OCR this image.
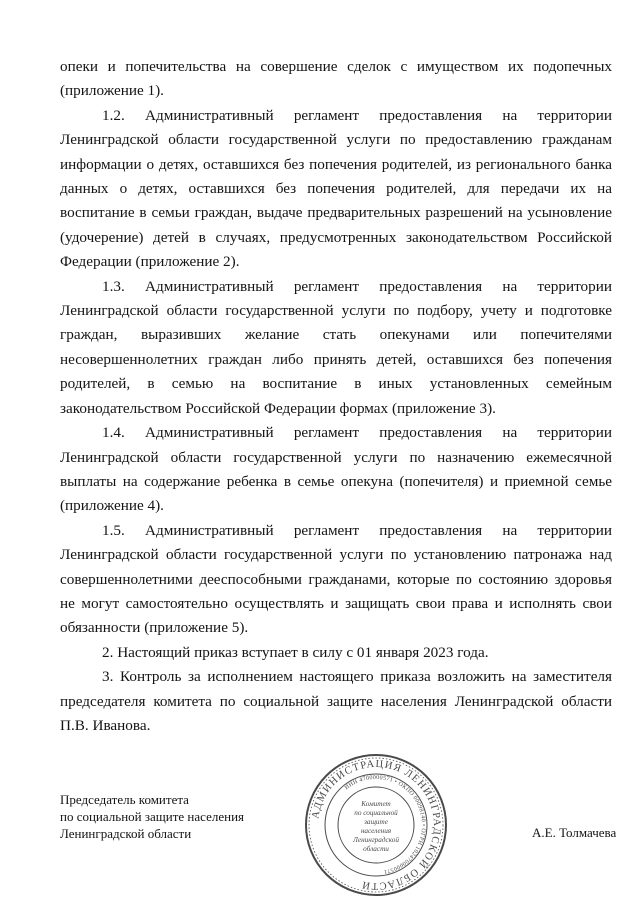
опеки и попечительства на совершение сделок с имуществом их подопечных (приложение 1).

1.2. Административный регламент предоставления на территории Ленинградской области государственной услуги по предоставлению гражданам информации о детях, оставшихся без попечения родителей, из регионального банка данных о детях, оставшихся без попечения родителей, для передачи их на воспитание в семьи граждан, выдаче предварительных разрешений на усыновление (удочерение) детей в случаях, предусмотренных законодательством Российской Федерации (приложение 2).

1.3. Административный регламент предоставления на территории Ленинградской области государственной услуги по подбору, учету и подготовке граждан, выразивших желание стать опекунами или попечителями несовершеннолетних граждан либо принять детей, оставшихся без попечения родителей, в семью на воспитание в иных установленных семейным законодательством Российской Федерации формах (приложение 3).

1.4. Административный регламент предоставления на территории Ленинградской области государственной услуги по назначению ежемесячной выплаты на содержание ребенка в семье опекуна (попечителя) и приемной семье (приложение 4).

1.5. Административный регламент предоставления на территории Ленинградской области государственной услуги по установлению патронажа над совершеннолетними дееспособными гражданами, которые по состоянию здоровья не могут самостоятельно осуществлять и защищать свои права и исполнять свои обязанности (приложение 5).

2. Настоящий приказ вступает в силу с 01 января 2023 года.

3. Контроль за исполнением настоящего приказа возложить на заместителя председателя комитета по социальной защите населения Ленинградской области П.В. Иванова.

Председатель комитета
по социальной защите населения
Ленинградской области	А.Е. Толмачева
АДМИНИСТРАЦИЯ ЛЕНИНГРАДСКОЙ ОБЛАСТИ
ИНН 4700000571 • ОКПО 00098140 • ОГРН 1024700000571
Комитет
по социальной
защите
населения
Ленинградской
области
